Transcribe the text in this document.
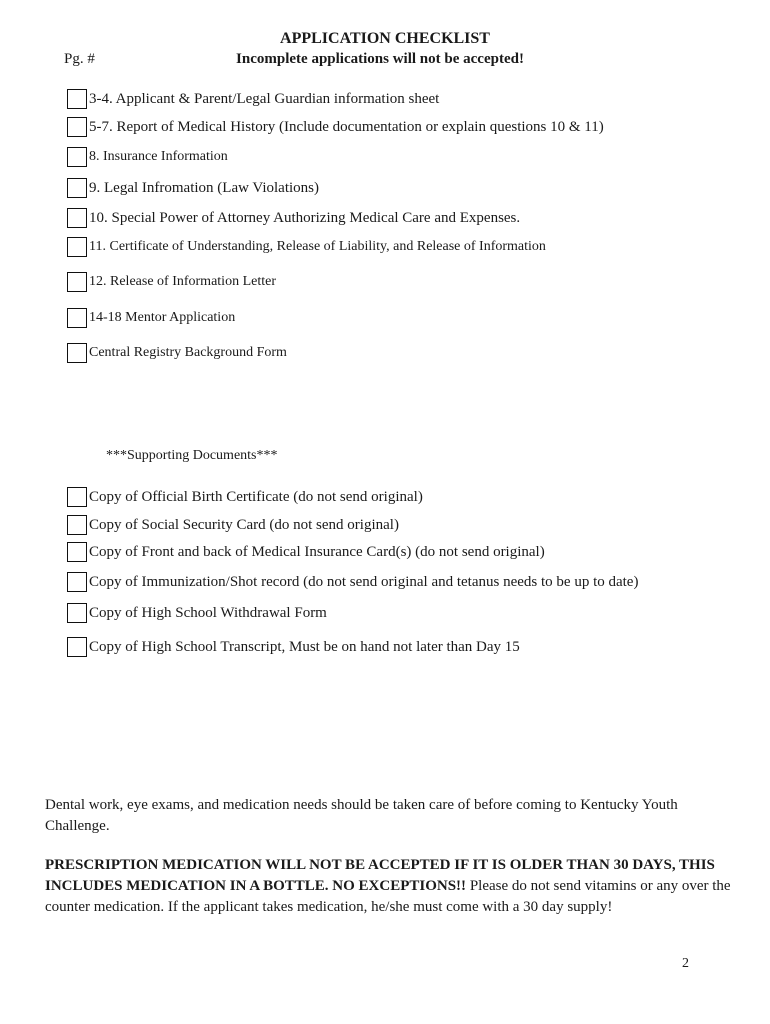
APPLICATION CHECKLIST
Pg. #	Incomplete applications will not be accepted!
3-4. Applicant & Parent/Legal Guardian information sheet
5-7. Report of Medical History (Include documentation or explain questions 10 & 11)
8. Insurance Information
9. Legal Infromation (Law Violations)
10. Special Power of Attorney Authorizing Medical Care and Expenses.
11. Certificate of Understanding, Release of Liability, and Release of Information
12. Release of Information Letter
14-18 Mentor Application
Central Registry Background Form
***Supporting Documents***
Copy of Official Birth Certificate (do not send original)
Copy of Social Security Card (do not send original)
Copy of Front and back of Medical Insurance Card(s) (do not send original)
Copy of Immunization/Shot record (do not send original and tetanus needs to be up to date)
Copy of High School Withdrawal Form
Copy of High School Transcript, Must be on hand not later than Day 15
Dental work, eye exams, and medication needs should be taken care of before coming to Kentucky Youth Challenge.
PRESCRIPTION MEDICATION WILL NOT BE ACCEPTED IF IT IS OLDER THAN 30 DAYS, THIS INCLUDES MEDICATION IN A BOTTLE. NO EXCEPTIONS!! Please do not send vitamins or any over the counter medication. If the applicant takes medication, he/she must come with a 30 day supply!
2
